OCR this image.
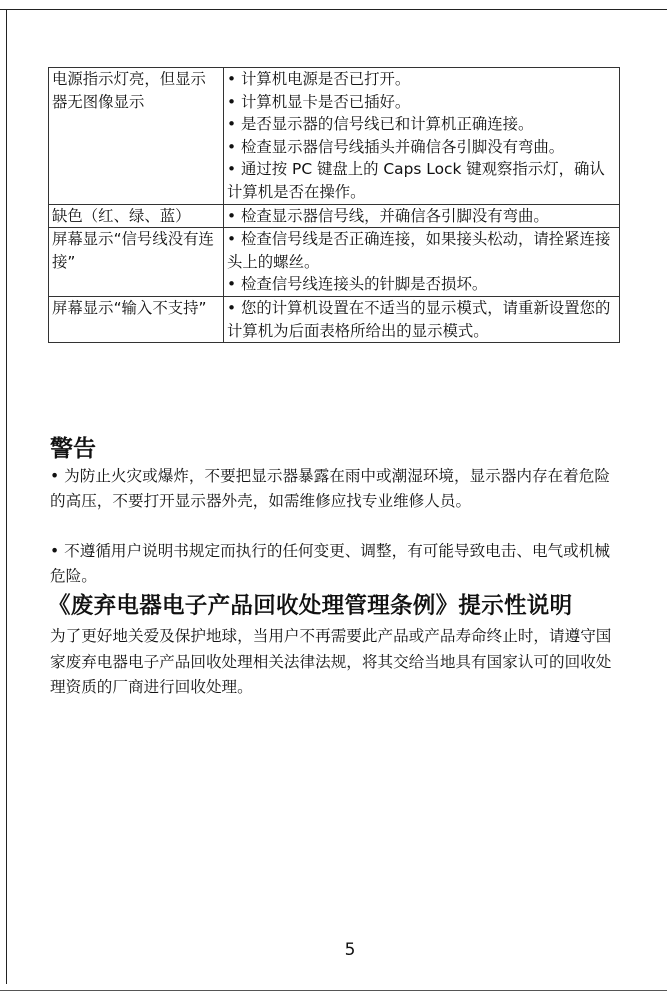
电源指示灯亮，但显示器无图像显示	• 计算机电源是否已打开。
• 计算机显卡是否已插好。
• 是否显示器的信号线已和计算机正确连接。
• 检查显示器信号线插头并确信各引脚没有弯曲。
• 通过按 PC 键盘上的 Caps Lock 键观察指示灯，确认计算机是否在操作。

缺色（红、绿、蓝）	• 检查显示器信号线，并确信各引脚没有弯曲。

屏幕显示“信号线没有连接”	• 检查信号线是否正确连接，如果接头松动，请拴紧连接头上的螺丝。
• 检查信号线连接头的针脚是否损坏。

屏幕显示“输入不支持”	• 您的计算机设置在不适当的显示模式，请重新设置您的计算机为后面表格所给出的显示模式。
警告
• 为防止火灾或爆炸，不要把显示器暴露在雨中或潮湿环境，显示器内存在着危险的高压，不要打开显示器外壳，如需维修应找专业维修人员。
• 不遵循用户说明书规定而执行的任何变更、调整，有可能导致电击、电气或机械危险。
《废弃电器电子产品回收处理管理条例》提示性说明
为了更好地关爱及保护地球，当用户不再需要此产品或产品寿命终止时，请遵守国家废弃电器电子产品回收处理相关法律法规，将其交给当地具有国家认可的回收处理资质的厂商进行回收处理。
5
